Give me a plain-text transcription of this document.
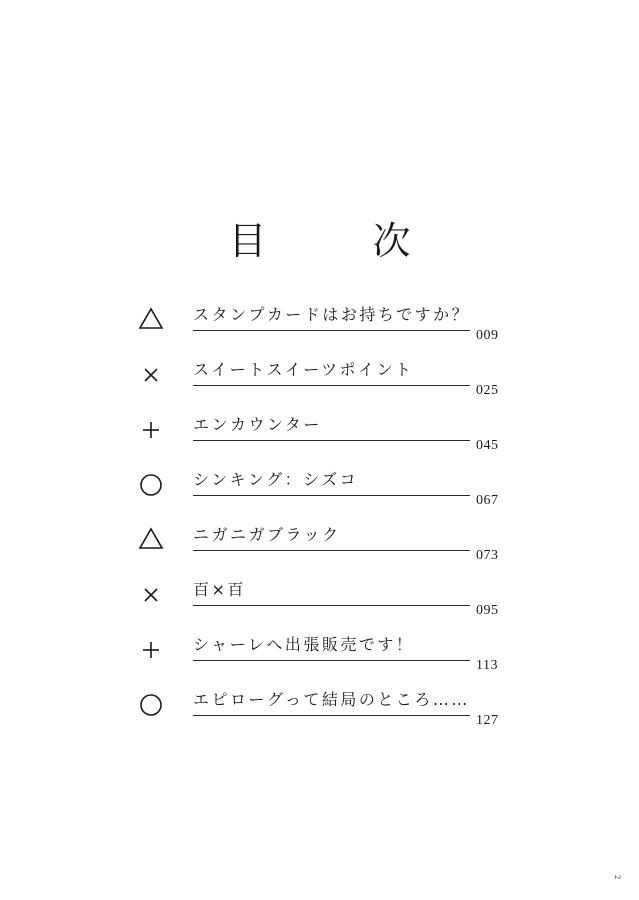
目　次
スタンプカードはお持ちですか？
009
スイートスイーツポイント
025
エンカウンター
045
シンキング：シズコ
067
ニガニガブラック
073
百×百
095
シャーレへ出張販売です！
113
エピローグって結局のところ……
127
2
